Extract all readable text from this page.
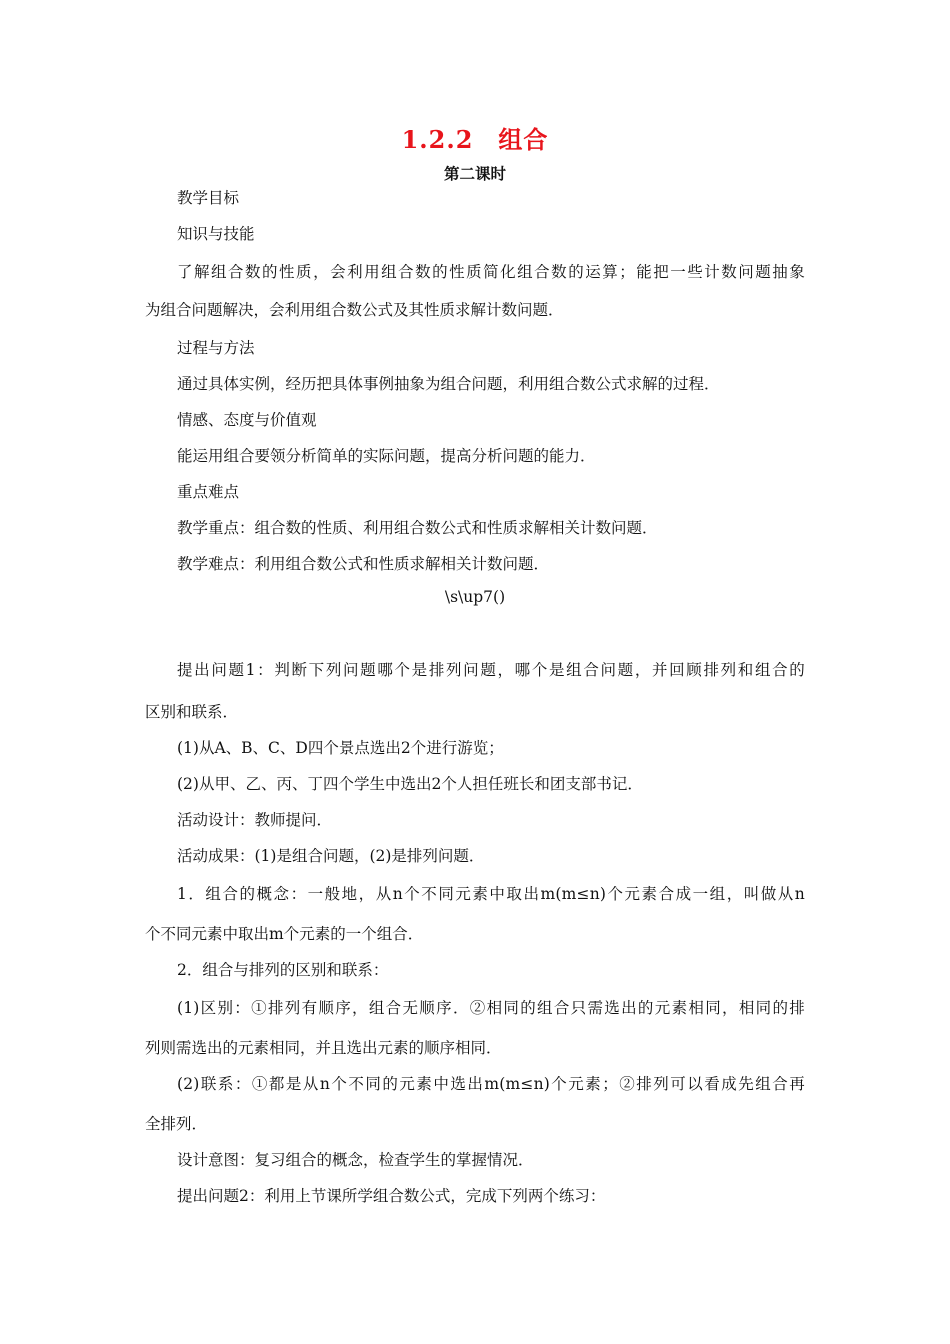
1.2.2　组合
第二课时
教学目标
知识与技能
了解组合数的性质，会利用组合数的性质简化组合数的运算；能把一些计数问题抽象
为组合问题解决，会利用组合数公式及其性质求解计数问题．
过程与方法
通过具体实例，经历把具体事例抽象为组合问题，利用组合数公式求解的过程．
情感、态度与价值观
能运用组合要领分析简单的实际问题，提高分析问题的能力．
重点难点
教学重点：组合数的性质、利用组合数公式和性质求解相关计数问题．
教学难点：利用组合数公式和性质求解相关计数问题．
\s\up7()
提出问题1：判断下列问题哪个是排列问题，哪个是组合问题，并回顾排列和组合的
区别和联系．
(1)从A、B、C、D四个景点选出2个进行游览；
(2)从甲、乙、丙、丁四个学生中选出2个人担任班长和团支部书记．
活动设计：教师提问．
活动成果：(1)是组合问题，(2)是排列问题．
1．组合的概念：一般地，从n个不同元素中取出m(m≤n)个元素合成一组，叫做从n
个不同元素中取出m个元素的一个组合．
2．组合与排列的区别和联系：
(1)区别：①排列有顺序，组合无顺序．②相同的组合只需选出的元素相同，相同的排
列则需选出的元素相同，并且选出元素的顺序相同．
(2)联系：①都是从n个不同的元素中选出m(m≤n)个元素；②排列可以看成先组合再
全排列．
设计意图：复习组合的概念，检查学生的掌握情况．
提出问题2：利用上节课所学组合数公式，完成下列两个练习：
